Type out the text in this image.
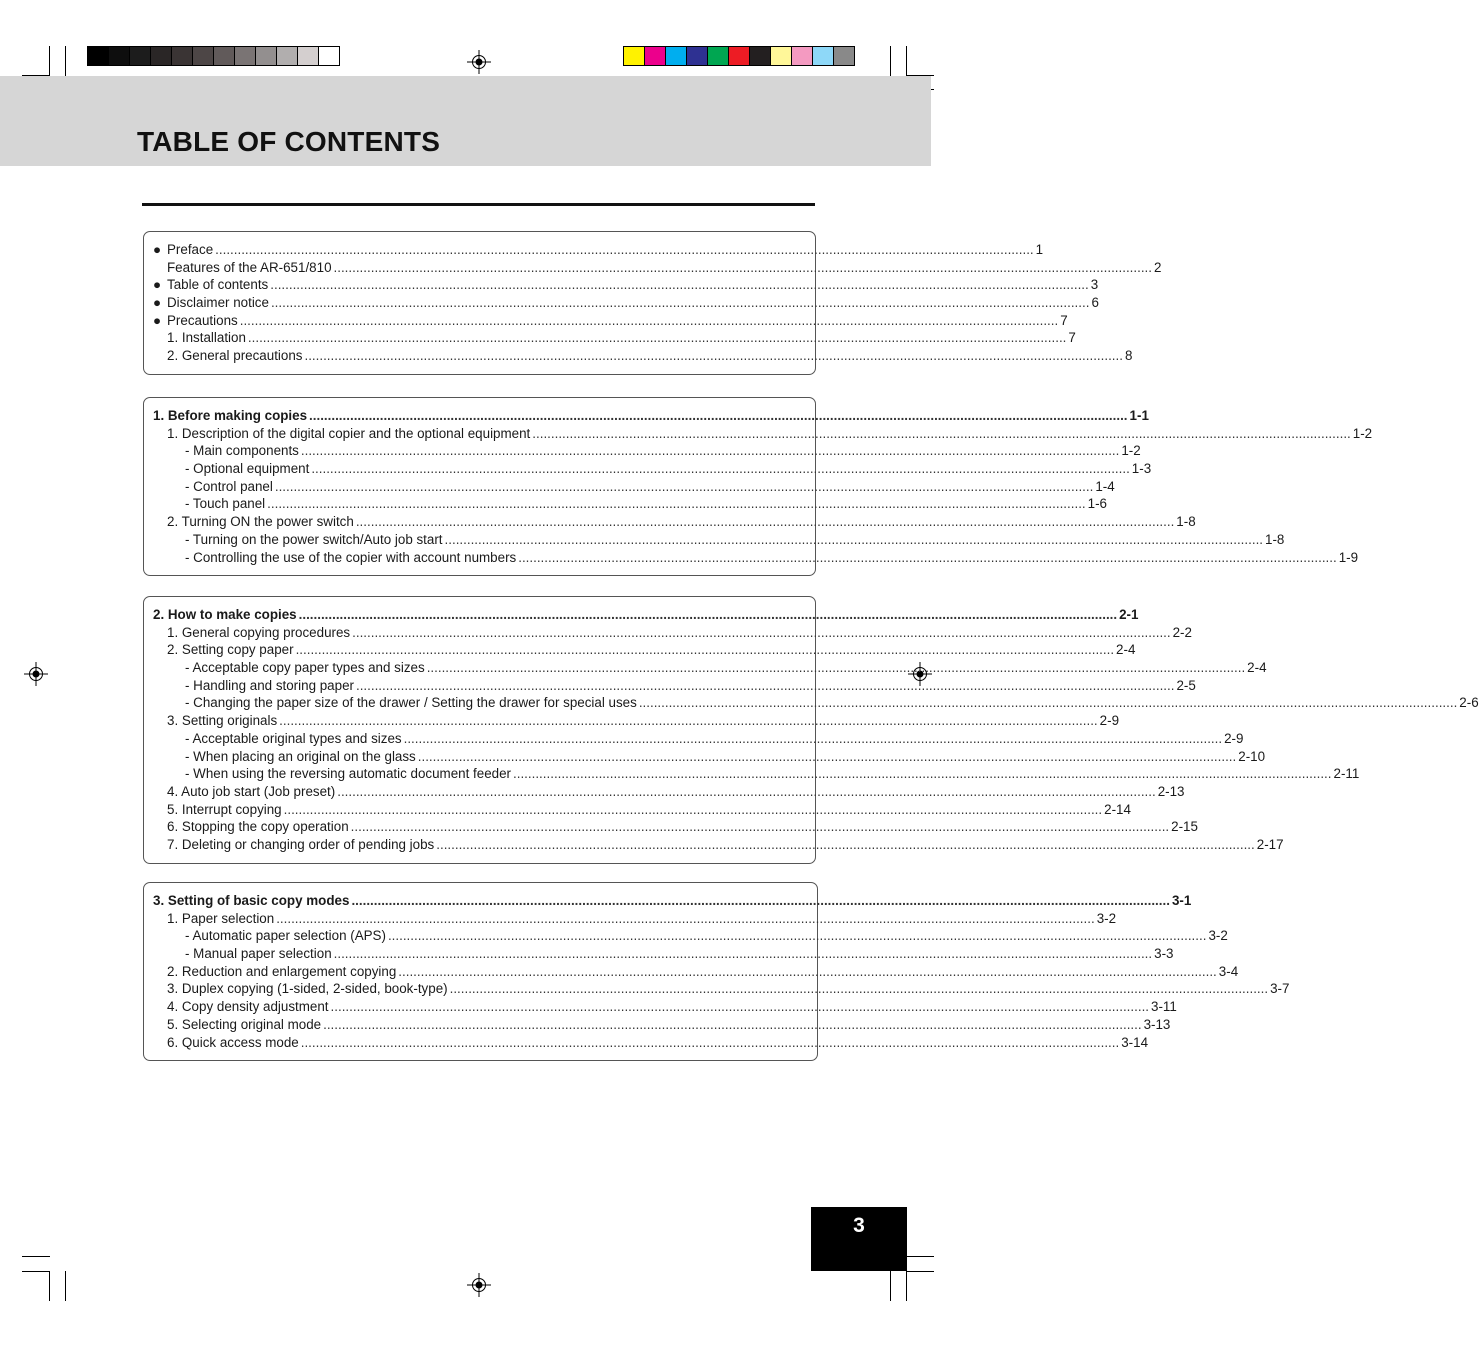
TABLE OF CONTENTS
● Preface ............................................................................................................................................................................................................................ 1
Features of the AR-651/810 ............................................................................................................................................................................................................................ 2
● Table of contents ............................................................................................................................................................................................................................ 3
● Disclaimer notice ............................................................................................................................................................................................................................ 6
● Precautions ............................................................................................................................................................................................................................ 7
1. Installation ............................................................................................................................................................................................................................ 7
2. General precautions ............................................................................................................................................................................................................................ 8
1. Before making copies ............................................................................................................................................................................................................................ 1-1
1. Description of the digital copier and the optional equipment ............................................................................................................................................................................................................................ 1-2
- Main components ............................................................................................................................................................................................................................ 1-2
- Optional equipment ............................................................................................................................................................................................................................ 1-3
- Control panel ............................................................................................................................................................................................................................ 1-4
- Touch panel ............................................................................................................................................................................................................................ 1-6
2. Turning ON the power switch ............................................................................................................................................................................................................................ 1-8
- Turning on the power switch/Auto job start ............................................................................................................................................................................................................................ 1-8
- Controlling the use of the copier with account numbers ............................................................................................................................................................................................................................ 1-9
2. How to make copies ............................................................................................................................................................................................................................ 2-1
1. General copying procedures ............................................................................................................................................................................................................................ 2-2
2. Setting copy paper ............................................................................................................................................................................................................................ 2-4
- Acceptable copy paper types and sizes ............................................................................................................................................................................................................................ 2-4
- Handling and storing paper ............................................................................................................................................................................................................................ 2-5
- Changing the paper size of the drawer / Setting the drawer for special uses ............................................................................................................................................................................................................................ 2-6
3. Setting originals ............................................................................................................................................................................................................................ 2-9
- Acceptable original types and sizes ............................................................................................................................................................................................................................ 2-9
- When placing an original on the glass ............................................................................................................................................................................................................................ 2-10
- When using the reversing automatic document feeder ............................................................................................................................................................................................................................ 2-11
4. Auto job start (Job preset) ............................................................................................................................................................................................................................ 2-13
5. Interrupt copying ............................................................................................................................................................................................................................ 2-14
6. Stopping the copy operation ............................................................................................................................................................................................................................ 2-15
7. Deleting or changing order of pending jobs ............................................................................................................................................................................................................................ 2-17
3. Setting of basic copy modes ............................................................................................................................................................................................................................ 3-1
1. Paper selection ............................................................................................................................................................................................................................ 3-2
- Automatic paper selection (APS) ............................................................................................................................................................................................................................ 3-2
- Manual paper selection ............................................................................................................................................................................................................................ 3-3
2. Reduction and enlargement copying ............................................................................................................................................................................................................................ 3-4
3. Duplex copying (1-sided, 2-sided, book-type) ............................................................................................................................................................................................................................ 3-7
4. Copy density adjustment ............................................................................................................................................................................................................................ 3-11
5. Selecting original mode ............................................................................................................................................................................................................................ 3-13
6. Quick access mode ............................................................................................................................................................................................................................ 3-14
3
